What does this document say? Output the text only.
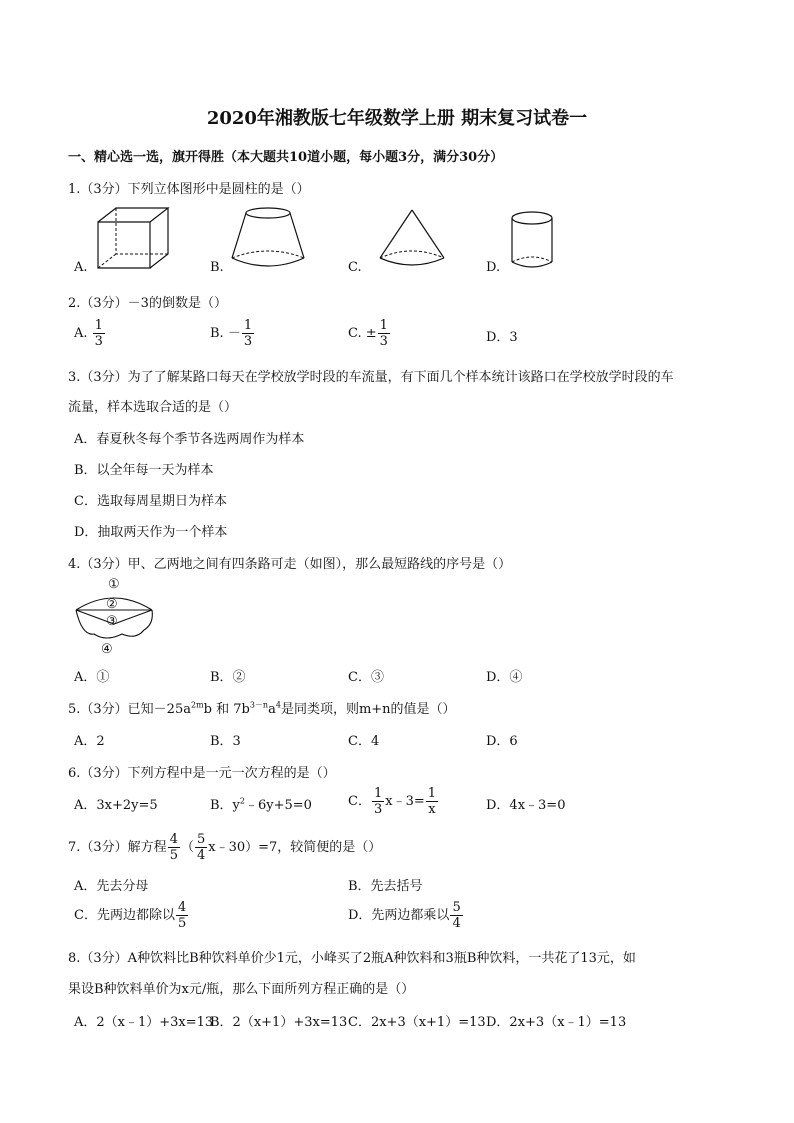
2020年湘教版七年级数学上册 期末复习试卷一
一、精心选一选，旗开得胜（本大题共10道小题，每小题3分，满分30分）
1.（3分）下列立体图形中是圆柱的是（）
A.	B.	C.	D.
2.（3分）－3的倒数是（）
A. $\frac{1}{3}$	B. － $\frac{1}{3}$	C. ± $\frac{1}{3}$	D．3
3.（3分）为了了解某路口每天在学校放学时段的车流量，有下面几个样本统计该路口在学校放学时段的车
流量，样本选取合适的是（）
A．春夏秋冬每个季节各选两周作为样本
B．以全年每一天为样本
C．选取每周星期日为样本
D．抽取两天作为一个样本
4.（3分）甲、乙两地之间有四条路可走（如图），那么最短路线的序号是（）
①
②
③
④
A．①	B．②	C．③	D．④
5.（3分）已知$-25a^{2m}b$ 和 $7b^{3-n}a^4$是同类项，则m+n的值是（）
A．2	B．3	C．4	D．6
6.（3分）下列方程中是一元一次方程的是（）
A．3x+2y=5	B．$y^2﹣6y+5=0$	C． $\frac{1}{3}$ x﹣3= $\frac{1}{x}$	D．4x﹣3=0
7.（3分）解方程 $\frac{4}{5}$ （ $\frac{5}{4}$ x﹣30）=7，较简便的是（）
A．先去分母	B．先去括号
C．先两边都除以 $\frac{4}{5}$	D．先两边都乘以 $\frac{5}{4}$
8.（3分）A种饮料比B种饮料单价少1元，小峰买了2瓶A种饮料和3瓶B种饮料，一共花了13元，如
果设B种饮料单价为x元/瓶，那么下面所列方程正确的是（）
A．2（x﹣1）+3x=13
B．2（x+1）+3x=13 C．2x+3（x+1）=13 D．2x+3（x﹣1）=13
